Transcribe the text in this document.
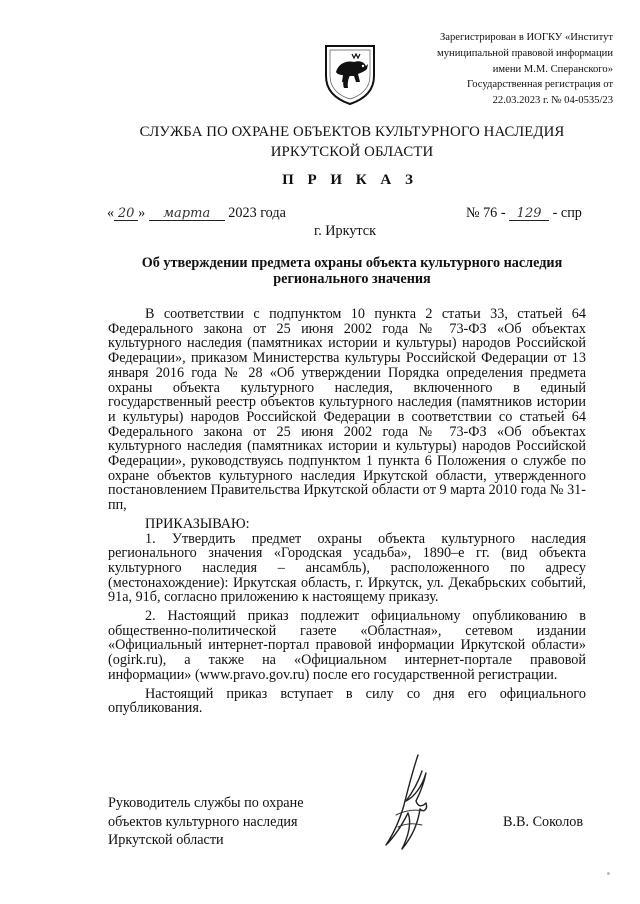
Зарегистрирован в ИОГКУ «Институт
муниципальной правовой информации
имени М.М. Сперанского»
Государственная регистрация от
22.03.2023 г. № 04-0535/23
СЛУЖБА ПО ОХРАНЕ ОБЪЕКТОВ КУЛЬТУРНОГО НАСЛЕДИЯ
ИРКУТСКОЙ ОБЛАСТИ
П Р И К А З
« 20 » марта 2023 года	№ 76 - 129 - спр
г. Иркутск
Об утверждении предмета охраны объекта культурного наследия
регионального значения

В соответствии с подпунктом 10 пункта 2 статьи 33, статьей 64 Федерального закона от 25 июня 2002 года № 73-ФЗ «Об объектах культурного наследия (памятниках истории и культуры) народов Российской Федерации», приказом Министерства культуры Российской Федерации от 13 января 2016 года № 28 «Об утверждении Порядка определения предмета охраны объекта культурного наследия, включенного в единый государственный реестр объектов культурного наследия (памятников истории и культуры) народов Российской Федерации в соответствии со статьей 64 Федерального закона от 25 июня 2002 года № 73-ФЗ «Об объектах культурного наследия (памятниках истории и культуры) народов Российской Федерации», руководствуясь подпунктом 1 пункта 6 Положения о службе по охране объектов культурного наследия Иркутской области, утвержденного постановлением Правительства Иркутской области от 9 марта 2010 года № 31-пп,

ПРИКАЗЫВАЮ:

1. Утвердить предмет охраны объекта культурного наследия регионального значения «Городская усадьба», 1890–е гг. (вид объекта культурного наследия – ансамбль), расположенного по адресу (местонахождение): Иркутская область, г. Иркутск, ул. Декабрьских событий, 91а, 91б, согласно приложению к настоящему приказу.

2. Настоящий приказ подлежит официальному опубликованию в общественно-политической газете «Областная», сетевом издании «Официальный интернет-портал правовой информации Иркутской области» (ogirk.ru), а также на «Официальном интернет-портале правовой информации» (www.pravo.gov.ru) после его государственной регистрации.

Настоящий приказ вступает в силу со дня его официального опубликования.

Руководитель службы по охране
объектов культурного наследия
Иркутской области
В.В. Соколов
